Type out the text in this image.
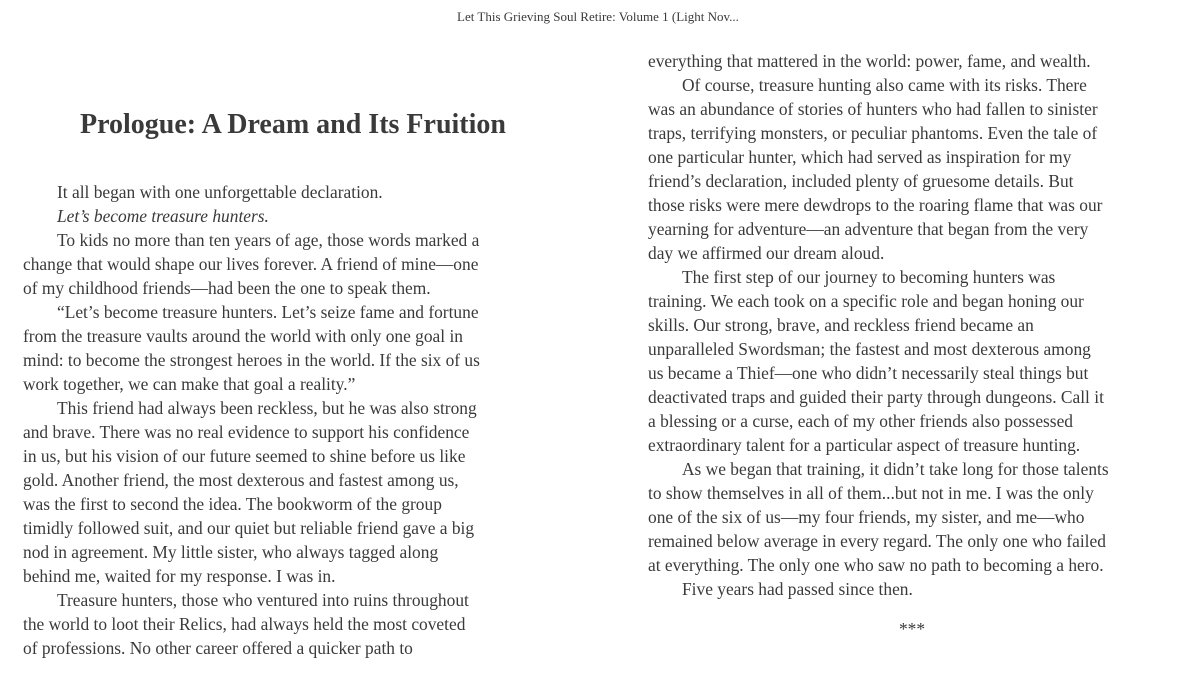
Let This Grieving Soul Retire: Volume 1 (Light Nov...
Prologue: A Dream and Its Fruition
It all began with one unforgettable declaration.
Let’s become treasure hunters.
To kids no more than ten years of age, those words marked a
change that would shape our lives forever. A friend of mine—one
of my childhood friends—had been the one to speak them.
“Let’s become treasure hunters. Let’s seize fame and fortune
from the treasure vaults around the world with only one goal in
mind: to become the strongest heroes in the world. If the six of us
work together, we can make that goal a reality.”
This friend had always been reckless, but he was also strong
and brave. There was no real evidence to support his confidence
in us, but his vision of our future seemed to shine before us like
gold. Another friend, the most dexterous and fastest among us,
was the first to second the idea. The bookworm of the group
timidly followed suit, and our quiet but reliable friend gave a big
nod in agreement. My little sister, who always tagged along
behind me, waited for my response. I was in.
Treasure hunters, those who ventured into ruins throughout
the world to loot their Relics, had always held the most coveted
of professions. No other career offered a quicker path to
everything that mattered in the world: power, fame, and wealth.
Of course, treasure hunting also came with its risks. There
was an abundance of stories of hunters who had fallen to sinister
traps, terrifying monsters, or peculiar phantoms. Even the tale of
one particular hunter, which had served as inspiration for my
friend’s declaration, included plenty of gruesome details. But
those risks were mere dewdrops to the roaring flame that was our
yearning for adventure—an adventure that began from the very
day we affirmed our dream aloud.
The first step of our journey to becoming hunters was
training. We each took on a specific role and began honing our
skills. Our strong, brave, and reckless friend became an
unparalleled Swordsman; the fastest and most dexterous among
us became a Thief—one who didn’t necessarily steal things but
deactivated traps and guided their party through dungeons. Call it
a blessing or a curse, each of my other friends also possessed
extraordinary talent for a particular aspect of treasure hunting.
As we began that training, it didn’t take long for those talents
to show themselves in all of them...but not in me. I was the only
one of the six of us—my four friends, my sister, and me—who
remained below average in every regard. The only one who failed
at everything. The only one who saw no path to becoming a hero.
Five years had passed since then.
***
